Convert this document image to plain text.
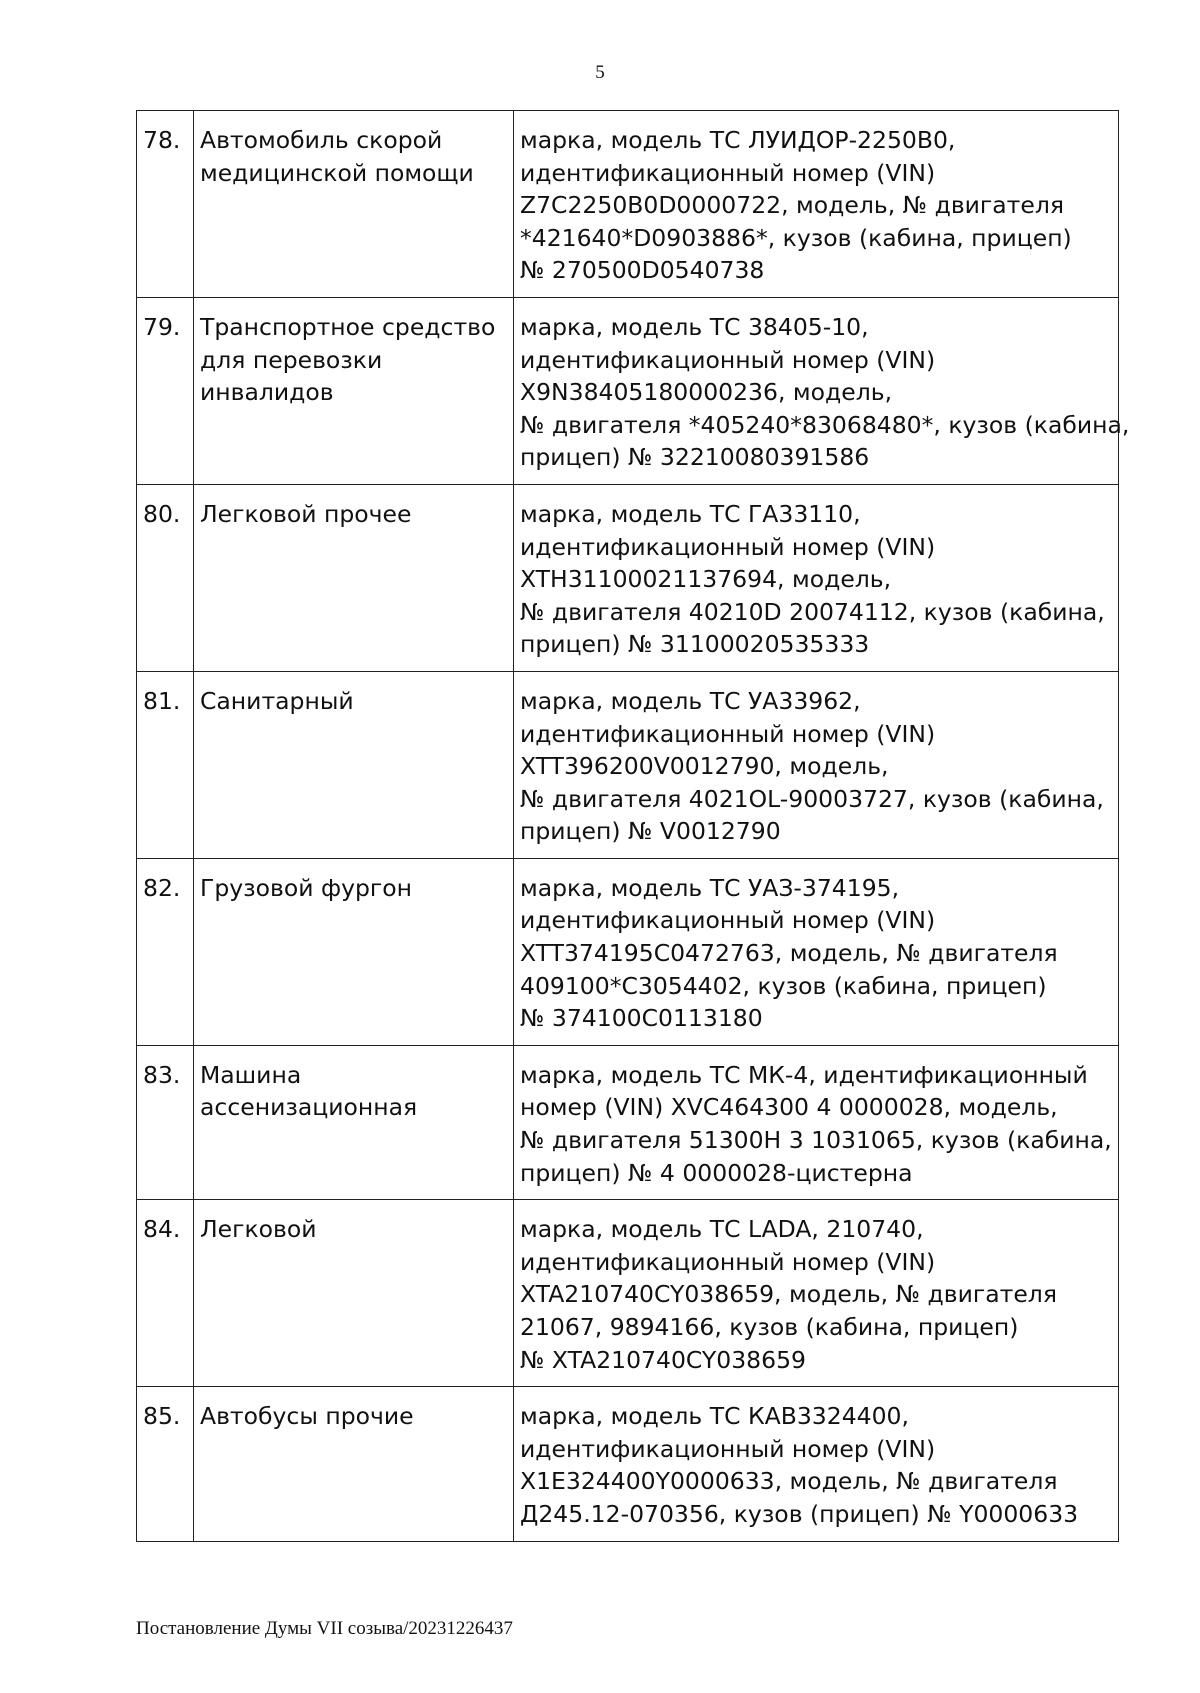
5
78.	Автомобиль скорой медицинской помощи	марка, модель ТС ЛУИДОР-2250В0,
идентификационный номер (VIN)
Z7C2250B0D0000722, модель, № двигателя
*421640*D0903886*, кузов (кабина, прицеп)
№ 270500D0540738

79.	Транспортное средство для перевозки инвалидов	марка, модель ТС 38405-10,
идентификационный номер (VIN)
X9N38405180000236, модель,
№ двигателя *405240*83068480*, кузов (кабина,
прицеп) № 32210080391586

80.	Легковой прочее	марка, модель ТС ГА33110,
идентификационный номер (VIN)
XTH31100021137694, модель,
№ двигателя 40210D 20074112, кузов (кабина,
прицеп) № 31100020535333

81.	Санитарный	марка, модель ТС УА33962,
идентификационный номер (VIN)
XTT396200V0012790, модель,
№ двигателя 4021OL-90003727, кузов (кабина,
прицеп) № V0012790

82.	Грузовой фургон	марка, модель ТС УАЗ-374195,
идентификационный номер (VIN)
XTT374195C0472763, модель, № двигателя
409100*C3054402, кузов (кабина, прицеп)
№ 374100C0113180

83.	Машина ассенизационная	марка, модель ТС МК-4, идентификационный
номер (VIN) XVC464300 4 0000028, модель,
№ двигателя 51300H 3 1031065, кузов (кабина,
прицеп) № 4 0000028-цистерна

84.	Легковой	марка, модель ТС LADA, 210740,
идентификационный номер (VIN)
XTA210740CY038659, модель, № двигателя
21067, 9894166, кузов (кабина, прицеп)
№ XTA210740CY038659

85.	Автобусы прочие	марка, модель ТС КАВ3324400,
идентификационный номер (VIN)
X1E324400Y0000633, модель, № двигателя
Д245.12-070356, кузов (прицеп) № Y0000633
Постановление Думы VII созыва/20231226437
